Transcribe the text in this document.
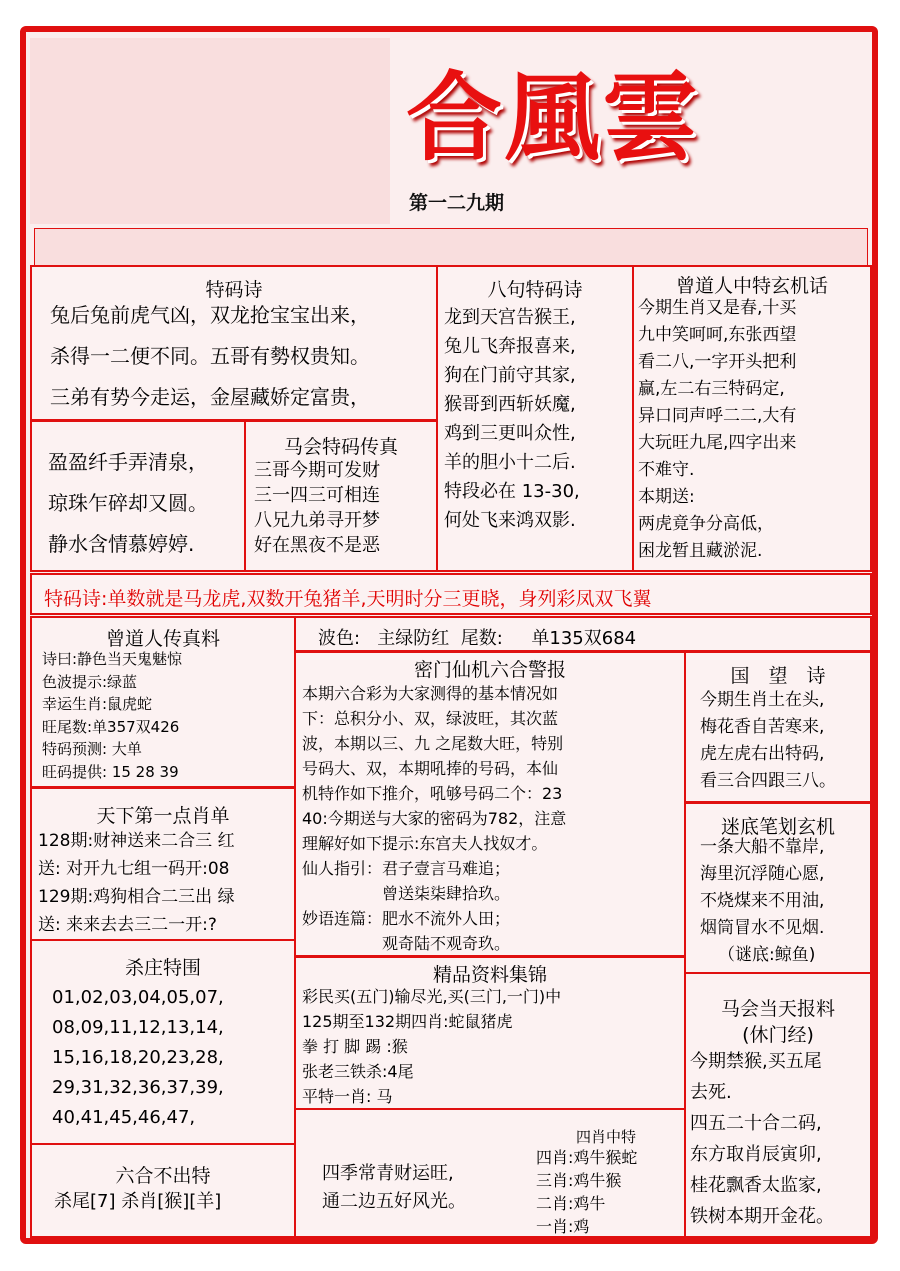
合風雲
第一二九期
特码诗
兔后兔前虎气凶，双龙抢宝宝出来，
杀得一二便不同。五哥有勢权贵知。
三弟有势今走运，金屋藏娇定富贵，
盈盈纤手弄清泉，
琼珠乍碎却又圆。
静水含情慕婷婷.
马会特码传真
三哥今期可发财
三一四三可相连
八兄九弟寻开梦
好在黑夜不是恶
八句特码诗
龙到天宫告猴王,
兔儿飞奔报喜来,
狗在门前守其家,
猴哥到西斩妖魔,
鸡到三更叫众性,
羊的胆小十二后.
特段必在 13-30,
何处飞来鸿双影.
曾道人中特玄机话
今期生肖又是春,十买
九中笑呵呵,东张西望
看二八,一字开头把利
赢,左二右三特码定,
异口同声呼二二,大有
大玩旺九尾,四字出来
不难守.
本期送:
两虎竟争分高低，
困龙暂且藏淤泥.
特码诗:单数就是马龙虎,双数开兔猪羊,天明时分三更晓，身列彩凤双飞翼
曾道人传真料
诗曰:静色当天鬼魅惊
色波提示:绿蓝
幸运生肖:鼠虎蛇
旺尾数:单357双426
特码预测: 大单
旺码提供: 15 28 39
波色: 主绿防红 尾数: 单135双684
密门仙机六合警报
本期六合彩为大家测得的基本情况如
下：总积分小、双，绿波旺，其次蓝
波，本期以三、九 之尾数大旺，特别
号码大、双，本期吼捧的号码，本仙
机特作如下推介，吼够号码二个：23
40:今期送与大家的密码为782，注意
理解好如下提示:东宫夫人找奴才。
仙人指引：君子壹言马难追；
　　　　　曾送柒柒肆拾玖。
妙语连篇：肥水不流外人田；
　　　　　观奇陆不观奇玖。
国　望　诗
今期生肖土在头,
梅花香自苦寒来,
虎左虎右出特码,
看三合四跟三八。
迷底笔划玄机
一条大船不靠岸,
海里沉浮随心愿,
不烧煤来不用油,
烟筒冒水不见烟.
（谜底:鲸鱼)
天下第一点肖单
128期:财神送来二合三 红
送: 对开九七组一码开:08
129期:鸡狗相合二三出 绿
送: 来来去去三二一开:?
杀庄特围
01,02,03,04,05,07,
08,09,11,12,13,14,
15,16,18,20,23,28,
29,31,32,36,37,39,
40,41,45,46,47,
精品资料集锦
彩民买(五门)输尽光,买(三门,一门)中
125期至132期四肖:蛇鼠猪虎
拳 打 脚 踢 :猴
张老三铁杀:4尾
平特一肖: 马
马会当天报料
(休门经)
今期禁猴,买五尾
去死.
四五二十合二码,
东方取肖辰寅卯,
桂花飘香太监家,
铁树本期开金花。
四季常青财运旺,
通二边五好风光。
四肖中特
四肖:鸡牛猴蛇
三肖:鸡牛猴
二肖:鸡牛
一肖:鸡
六合不出特
杀尾[7] 杀肖[猴][羊]
